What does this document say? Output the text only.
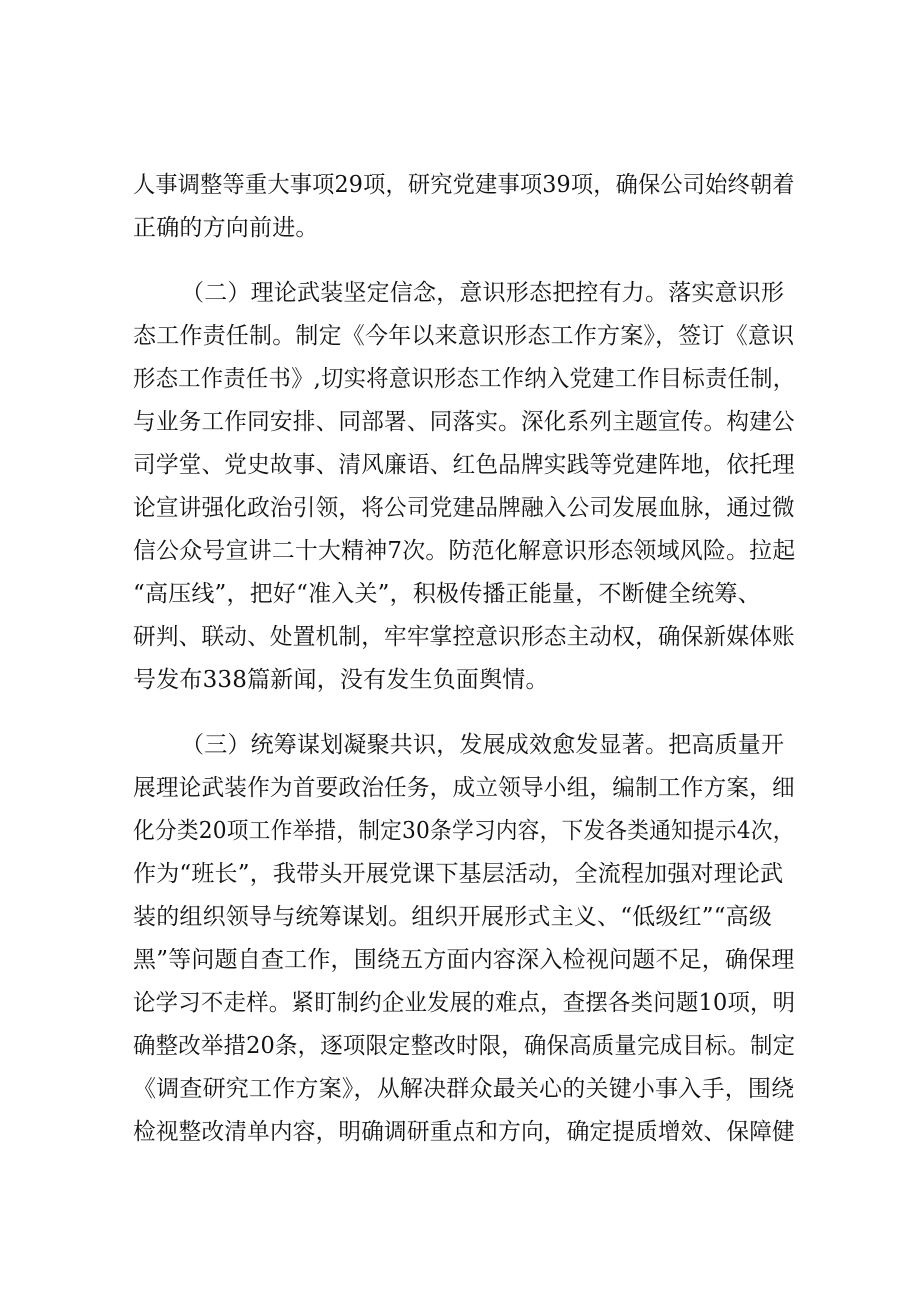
人事调整等重大事项29项，研究党建事项39项，确保公司始终朝着
正确的方向前进。
（二）理论武装坚定信念，意识形态把控有力。落实意识形
态工作责任制。制定《今年以来意识形态工作方案》，签订《意识
形态工作责任书》,切实将意识形态工作纳入党建工作目标责任制，
与业务工作同安排、同部署、同落实。深化系列主题宣传。构建公
司学堂、党史故事、清风廉语、红色品牌实践等党建阵地，依托理
论宣讲强化政治引领，将公司党建品牌融入公司发展血脉，通过微
信公众号宣讲二十大精神7次。防范化解意识形态领域风险。拉起
“高压线”，把好“准入关”，积极传播正能量，不断健全统筹、
研判、联动、处置机制，牢牢掌控意识形态主动权，确保新媒体账
号发布338篇新闻，没有发生负面舆情。
（三）统筹谋划凝聚共识，发展成效愈发显著。把高质量开
展理论武装作为首要政治任务，成立领导小组，编制工作方案，细
化分类20项工作举措，制定30条学习内容，下发各类通知提示4次，
作为“班长”，我带头开展党课下基层活动，全流程加强对理论武
装的组织领导与统筹谋划。组织开展形式主义、“低级红”“高级
黑”等问题自查工作，围绕五方面内容深入检视问题不足，确保理
论学习不走样。紧盯制约企业发展的难点，查摆各类问题10项，明
确整改举措20条，逐项限定整改时限，确保高质量完成目标。制定
《调查研究工作方案》，从解决群众最关心的关键小事入手，围绕
检视整改清单内容，明确调研重点和方向，确定提质增效、保障健
